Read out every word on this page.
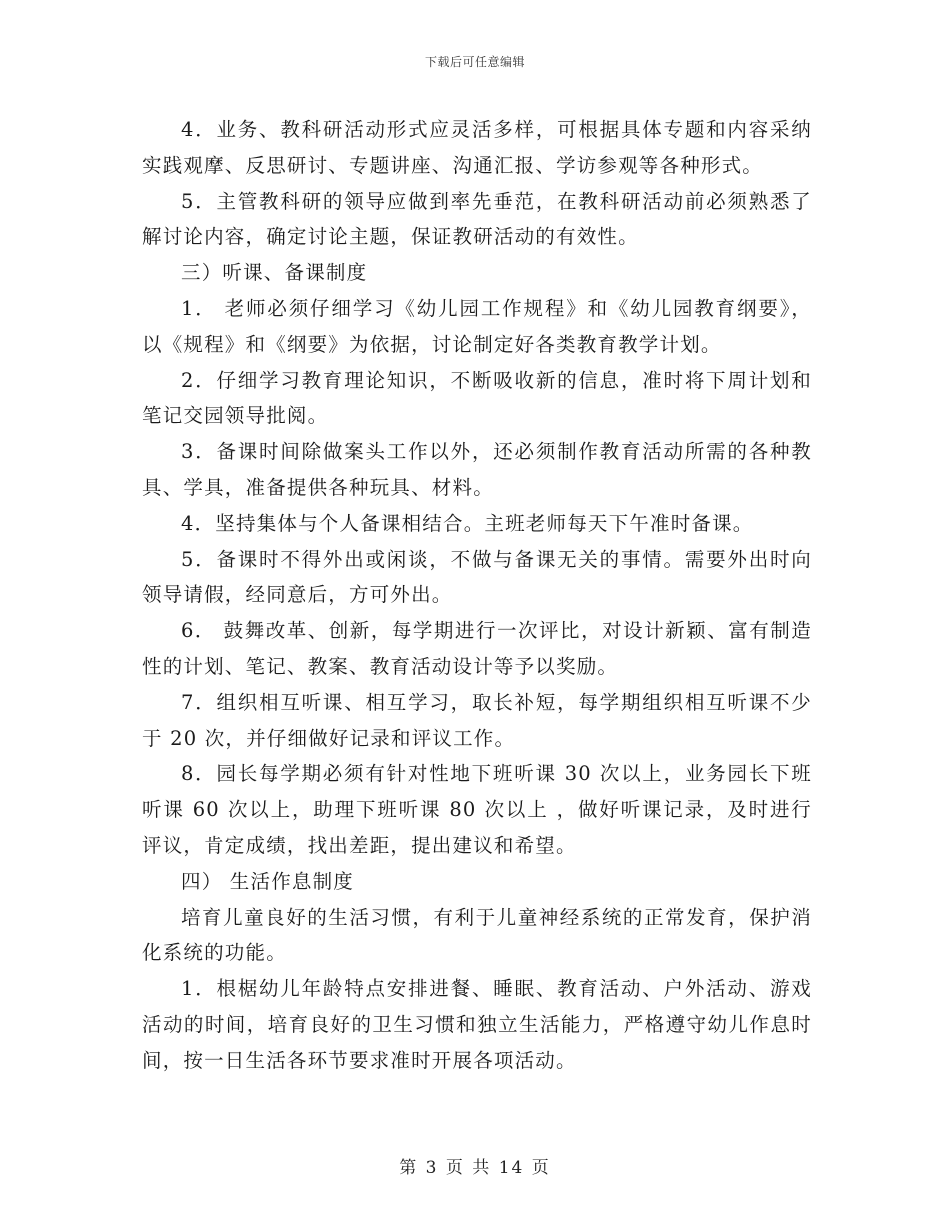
下载后可任意编辑

4．业务、教科研活动形式应灵活多样，可根据具体专题和内容采纳实践观摩、反思研讨、专题讲座、沟通汇报、学访参观等各种形式。

5．主管教科研的领导应做到率先垂范，在教科研活动前必须熟悉了解讨论内容，确定讨论主题，保证教研活动的有效性。

三）听课、备课制度

1． 老师必须仔细学习《幼儿园工作规程》和《幼儿园教育纲要》，以《规程》和《纲要》为依据，讨论制定好各类教育教学计划。

2．仔细学习教育理论知识，不断吸收新的信息，准时将下周计划和笔记交园领导批阅。

3．备课时间除做案头工作以外，还必须制作教育活动所需的各种教具、学具，准备提供各种玩具、材料。

4．坚持集体与个人备课相结合。主班老师每天下午准时备课。

5．备课时不得外出或闲谈，不做与备课无关的事情。需要外出时向领导请假，经同意后，方可外出。

6． 鼓舞改革、创新，每学期进行一次评比，对设计新颖、富有制造性的计划、笔记、教案、教育活动设计等予以奖励。

7．组织相互听课、相互学习，取长补短，每学期组织相互听课不少于 20 次，并仔细做好记录和评议工作。

8．园长每学期必须有针对性地下班听课 30 次以上，业务园长下班听课 60 次以上，助理下班听课 80 次以上 ，做好听课记录，及时进行评议，肯定成绩，找出差距，提出建议和希望。

四） 生活作息制度

培育儿童良好的生活习惯，有利于儿童神经系统的正常发育，保护消化系统的功能。

1．根椐幼儿年龄特点安排进餐、睡眠、教育活动、户外活动、游戏活动的时间，培育良好的卫生习惯和独立生活能力，严格遵守幼儿作息时间，按一日生活各环节要求准时开展各项活动。

第 3 页 共 14 页
